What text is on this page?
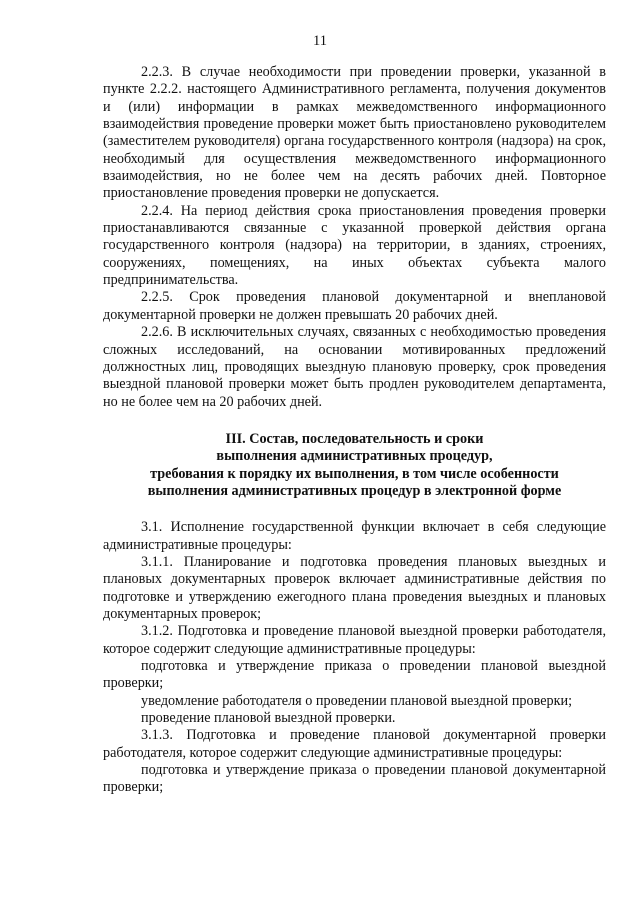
11

2.2.3. В случае необходимости при проведении проверки, указанной в пункте 2.2.2. настоящего Административного регламента, получения документов и (или) информации в рамках межведомственного информационного взаимодействия проведение проверки может быть приостановлено руководителем (заместителем руководителя) органа государственного контроля (надзора) на срок, необходимый для осуществления межведомственного информационного взаимодействия, но не более чем на десять рабочих дней. Повторное приостановление проведения проверки не допускается.

2.2.4. На период действия срока приостановления проведения проверки приостанавливаются связанные с указанной проверкой действия органа государственного контроля (надзора) на территории, в зданиях, строениях, сооружениях, помещениях, на иных объектах субъекта малого предпринимательства.

2.2.5. Срок проведения плановой документарной и внеплановой документарной проверки не должен превышать 20 рабочих дней.

2.2.6. В исключительных случаях, связанных с необходимостью проведения сложных исследований, на основании мотивированных предложений должностных лиц, проводящих выездную плановую проверку, срок проведения выездной плановой проверки может быть продлен руководителем департамента, но не более чем на 20 рабочих дней.

III. Состав, последовательность и сроки
выполнения административных процедур,
требования к порядку их выполнения, в том числе особенности
выполнения административных процедур в электронной форме

3.1. Исполнение государственной функции включает в себя следующие административные процедуры:

3.1.1. Планирование и подготовка проведения плановых выездных и плановых документарных проверок включает административные действия по подготовке и утверждению ежегодного плана проведения выездных и плановых документарных проверок;

3.1.2. Подготовка и проведение плановой выездной проверки работодателя, которое содержит следующие административные процедуры:

подготовка и утверждение приказа о проведении плановой выездной проверки;

уведомление работодателя о проведении плановой выездной проверки;

проведение плановой выездной проверки.

3.1.3. Подготовка и проведение плановой документарной проверки работодателя, которое содержит следующие административные процедуры:

подготовка и утверждение приказа о проведении плановой документарной проверки;
